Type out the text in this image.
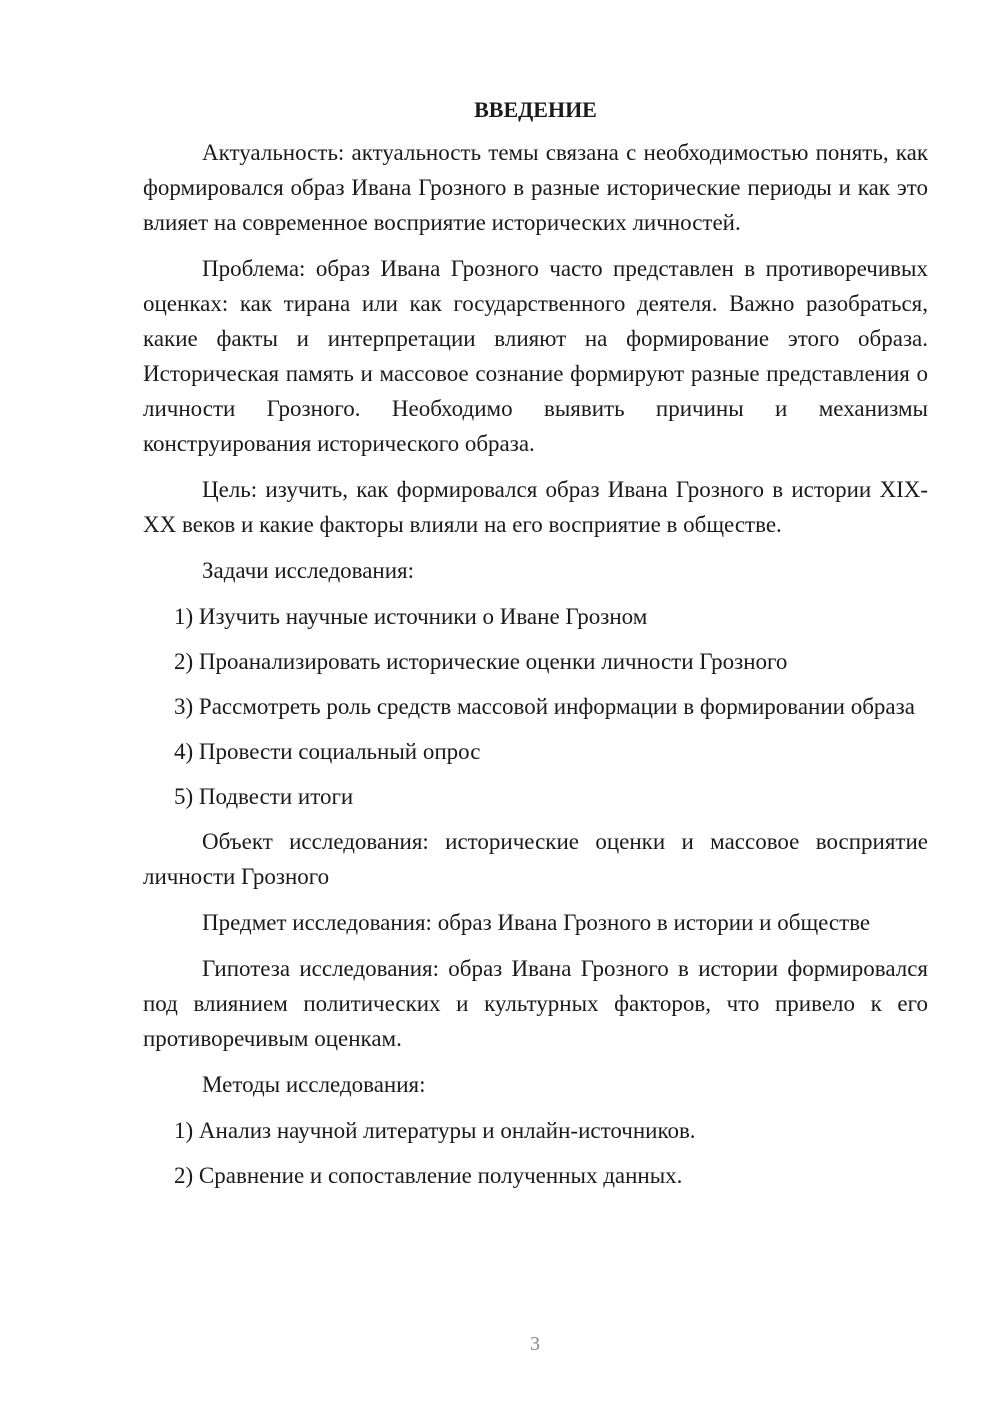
ВВЕДЕНИЕ

Актуальность: актуальность темы связана с необходимостью понять, как формировался образ Ивана Грозного в разные исторические периоды и как это влияет на современное восприятие исторических личностей.

Проблема: образ Ивана Грозного часто представлен в противоречивых оценках: как тирана или как государственного деятеля. Важно разобраться, какие факты и интерпретации влияют на формирование этого образа. Историческая память и массовое сознание формируют разные представления о личности Грозного. Необходимо выявить причины и механизмы конструирования исторического образа.

Цель: изучить, как формировался образ Ивана Грозного в истории XIX-XX веков и какие факторы влияли на его восприятие в обществе.

Задачи исследования:

1) Изучить научные источники о Иване Грозном

2) Проанализировать исторические оценки личности Грозного

3) Рассмотреть роль средств массовой информации в формировании образа

4) Провести социальный опрос

5) Подвести итоги

Объект исследования: исторические оценки и массовое восприятие личности Грозного

Предмет исследования: образ Ивана Грозного в истории и обществе

Гипотеза исследования: образ Ивана Грозного в истории формировался под влиянием политических и культурных факторов, что привело к его противоречивым оценкам.

Методы исследования:

1) Анализ научной литературы и онлайн-источников.

2) Сравнение и сопоставление полученных данных.

3
